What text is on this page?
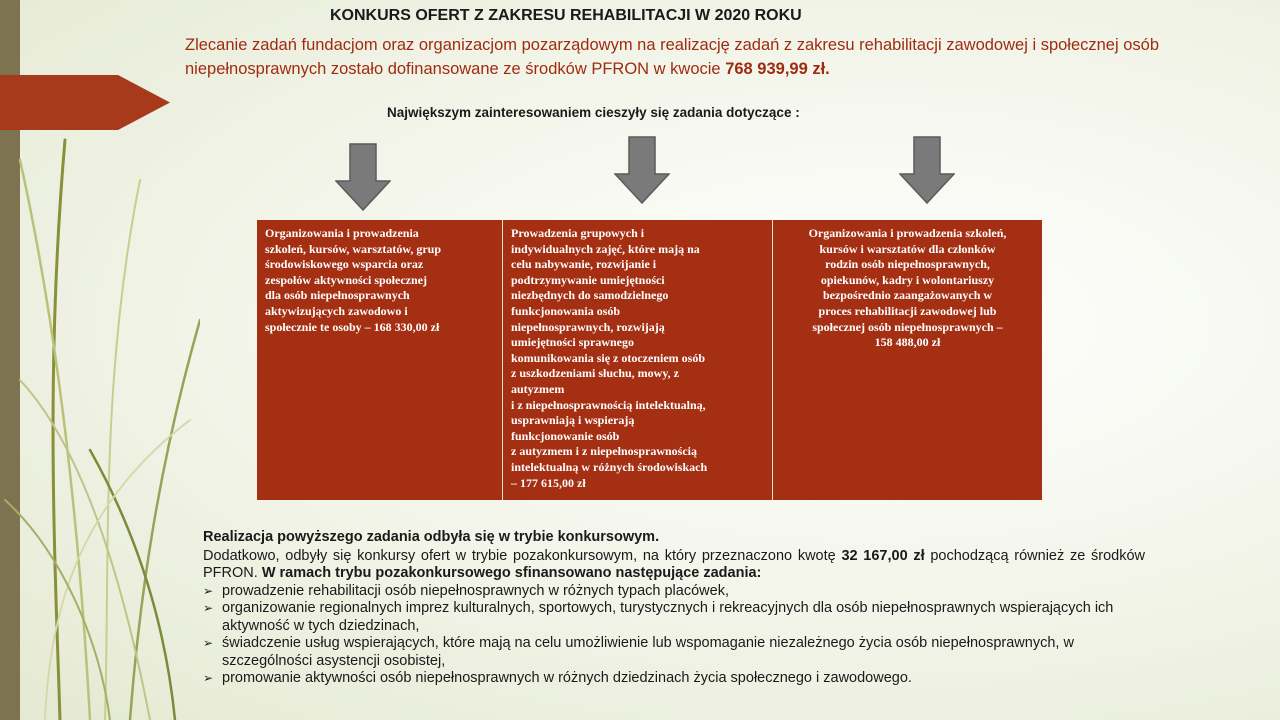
KONKURS OFERT Z ZAKRESU REHABILITACJI W 2020 ROKU

Zlecanie zadań fundacjom oraz organizacjom pozarządowym na realizację zadań z zakresu rehabilitacji zawodowej i społecznej osób niepełnosprawnych zostało dofinansowane ze środków PFRON w kwocie 768 939,99 zł.

Największym zainteresowaniem cieszyły się zadania dotyczące :

Organizowania i prowadzenia
szkoleń, kursów, warsztatów, grup
środowiskowego wsparcia oraz
zespołów aktywności społecznej
dla osób niepełnosprawnych
aktywizujących zawodowo i
społecznie te osoby – 168 330,00 zł

Prowadzenia grupowych i
indywidualnych zajęć, które mają na
celu nabywanie, rozwijanie i
podtrzymywanie umiejętności
niezbędnych do samodzielnego
funkcjonowania osób
niepełnosprawnych, rozwijają
umiejętności sprawnego
komunikowania się z otoczeniem osób
z uszkodzeniami słuchu, mowy, z
autyzmem
i z niepełnosprawnością intelektualną,
usprawniają i wspierają
funkcjonowanie osób
z autyzmem i z niepełnosprawnością
intelektualną w różnych środowiskach
– 177 615,00 zł

Organizowania i prowadzenia szkoleń,
kursów i warsztatów dla członków
rodzin osób niepełnosprawnych,
opiekunów, kadry i wolontariuszy
bezpośrednio zaangażowanych w
proces rehabilitacji zawodowej lub
społecznej osób niepełnosprawnych –
158 488,00 zł

Realizacja powyższego zadania odbyła się w trybie konkursowym.

Dodatkowo, odbyły się konkursy ofert w trybie pozakonkursowym, na który przeznaczono kwotę 32 167,00 zł pochodzącą również ze środków PFRON. W ramach trybu pozakonkursowego sfinansowano następujące zadania:

➢ prowadzenie rehabilitacji osób niepełnosprawnych w różnych typach placówek,
➢ organizowanie regionalnych imprez kulturalnych, sportowych, turystycznych i rekreacyjnych dla osób niepełnosprawnych wspierających ich aktywność w tych dziedzinach,
➢ świadczenie usług wspierających, które mają na celu umożliwienie lub wspomaganie niezależnego życia osób niepełnosprawnych, w szczególności asystencji osobistej,
➢ promowanie aktywności osób niepełnosprawnych w różnych dziedzinach życia społecznego i zawodowego.
